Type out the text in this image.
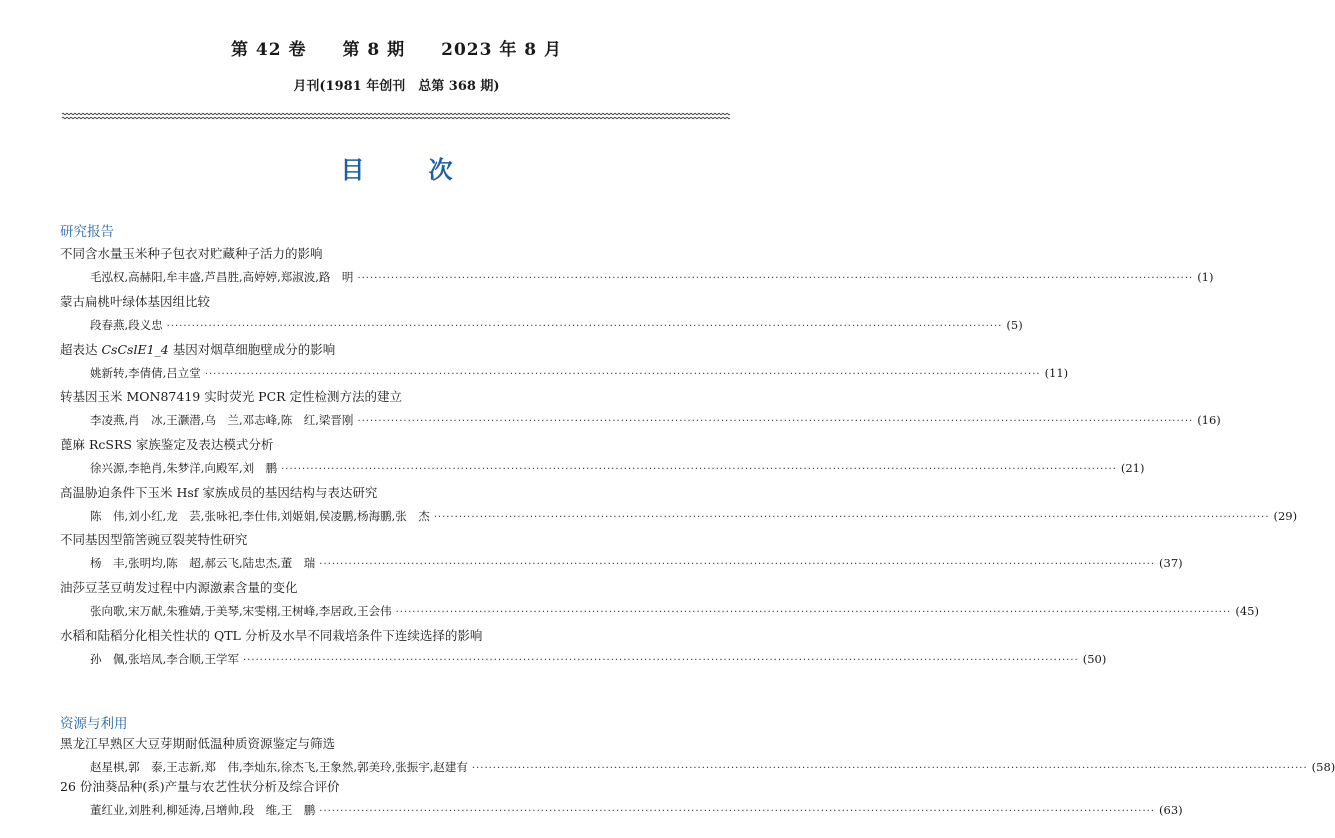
第 42 卷 第 8 期 2023 年 8 月
月刊(1981 年创刊　总第 368 期)
目次
研究报告
不同含水量玉米种子包衣对贮藏种子活力的影响
毛泓权,高赫阳,牟丰盛,芦昌胜,高婷婷,郑淑波,路　明 ········································································································································································································ (1)
蒙古扁桃叶绿体基因组比较
段春燕,段义忠 ········································································································································································································ (5)
超表达 CsCslE1_4 基因对烟草细胞壁成分的影响
姚新转,李倩倩,吕立堂 ········································································································································································································ (11)
转基因玉米 MON87419 实时荧光 PCR 定性检测方法的建立
李凌燕,肖　冰,王灏潜,乌　兰,邓志峰,陈　红,梁晋刚 ········································································································································································································ (16)
蓖麻 RcSRS 家族鉴定及表达模式分析
徐兴源,李艳肖,朱梦洋,向殿军,刘　鹏 ········································································································································································································ (21)
高温胁迫条件下玉米 Hsf 家族成员的基因结构与表达研究
陈　伟,刘小红,龙　芸,张咏祀,李仕伟,刘姬娟,侯凌鹏,杨海鹏,张　杰 ········································································································································································································ (29)
不同基因型箭筈豌豆裂荚特性研究
杨　丰,张明均,陈　超,郝云飞,陆忠杰,董　瑞 ········································································································································································································ (37)
油莎豆茎豆萌发过程中内源激素含量的变化
张向歌,宋万献,朱雅婧,于美琴,宋雯栩,王树峰,李居政,王会伟 ········································································································································································································ (45)
水稻和陆稻分化相关性状的 QTL 分析及水旱不同栽培条件下连续选择的影响
孙　佩,张培凤,李合顺,王学军 ········································································································································································································ (50)
资源与利用
黑龙江早熟区大豆芽期耐低温种质资源鉴定与筛选
赵星棋,郭　泰,王志新,郑　伟,李灿东,徐杰飞,王象然,郭美玲,张振宇,赵建有 ········································································································································································································ (58)
26 份油葵品种(系)产量与农艺性状分析及综合评价
董红业,刘胜利,柳延涛,吕增帅,段　维,王　鹏 ········································································································································································································ (63)
